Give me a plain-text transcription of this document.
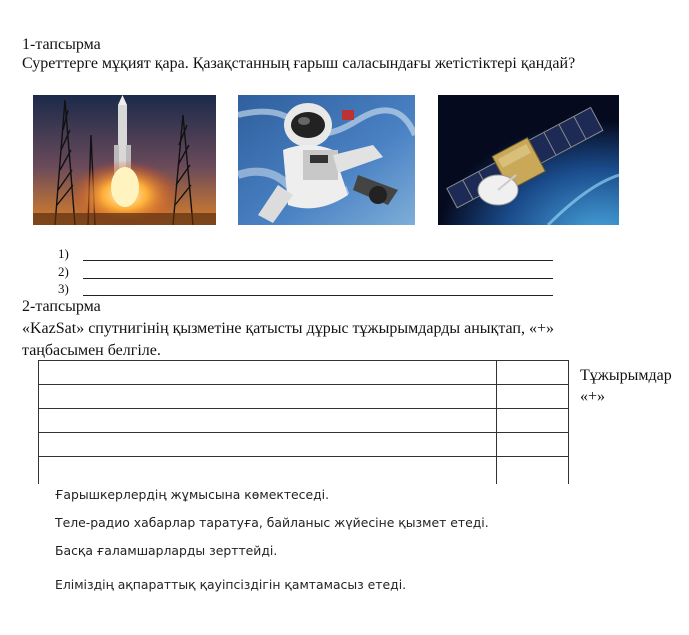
1-тапсырма
Суреттерге мұқият қара. Қазақстанның ғарыш саласындағы жетістіктері қандай?
1)
2)
3)
2-тапсырма
«KazSat» спутнигінің қызметіне қатысты дұрыс тұжырымдарды анықтап, «+»
таңбасымен белгіле.
Тұжырымдар
«+»
Ғарышкерлердің жұмысына көмектеседі.
Теле-радио хабарлар таратуға, байланыс жүйесіне қызмет етеді.
Басқа ғаламшарларды зерттейді.
Еліміздің ақпараттық қауіпсіздігін қамтамасыз етеді.
